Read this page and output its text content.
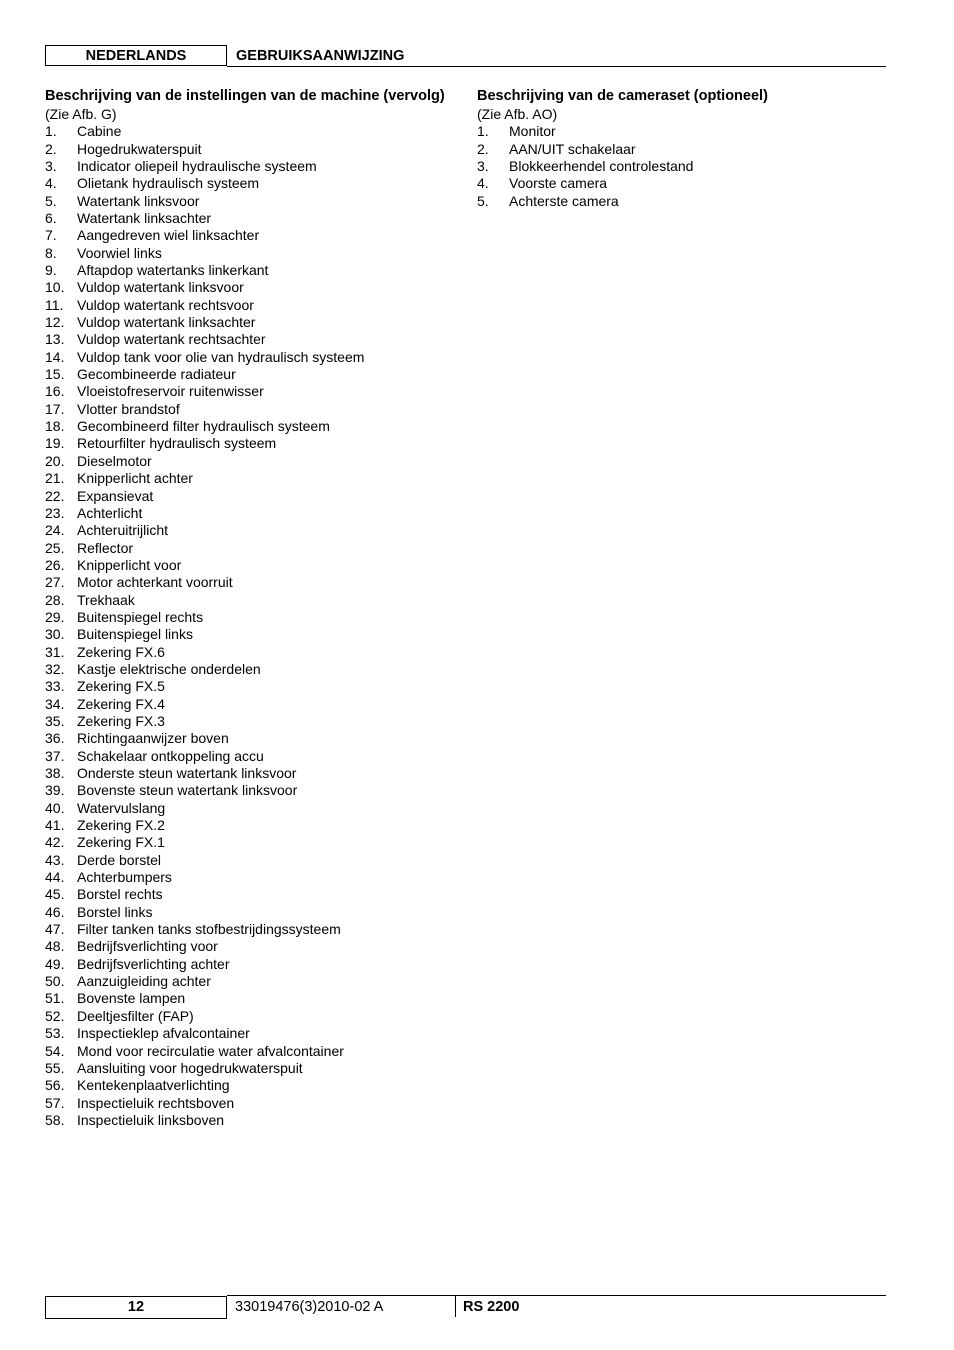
NEDERLANDS	GEBRUIKSAANWIJZING
Beschrijving van de instellingen van de machine (vervolg)
(Zie Afb. G)
1. Cabine
2. Hogedrukwaterspuit
3. Indicator oliepeil hydraulische systeem
4. Olietank hydraulisch systeem
5. Watertank linksvoor
6. Watertank linksachter
7. Aangedreven wiel linksachter
8. Voorwiel links
9. Aftapdop watertanks linkerkant
10. Vuldop watertank linksvoor
11. Vuldop watertank rechtsvoor
12. Vuldop watertank linksachter
13. Vuldop watertank rechtsachter
14. Vuldop tank voor olie van hydraulisch systeem
15. Gecombineerde radiateur
16. Vloeistofreservoir ruitenwisser
17. Vlotter brandstof
18. Gecombineerd filter hydraulisch systeem
19. Retourfilter hydraulisch systeem
20. Dieselmotor
21. Knipperlicht achter
22. Expansievat
23. Achterlicht
24. Achteruitrijlicht
25. Reflector
26. Knipperlicht voor
27. Motor achterkant voorruit
28. Trekhaak
29. Buitenspiegel rechts
30. Buitenspiegel links
31. Zekering FX.6
32. Kastje elektrische onderdelen
33. Zekering FX.5
34. Zekering FX.4
35. Zekering FX.3
36. Richtingaanwijzer boven
37. Schakelaar ontkoppeling accu
38. Onderste steun watertank linksvoor
39. Bovenste steun watertank linksvoor
40. Watervulslang
41. Zekering FX.2
42. Zekering FX.1
43. Derde borstel
44. Achterbumpers
45. Borstel rechts
46. Borstel links
47. Filter tanken tanks stofbestrijdingssysteem
48. Bedrijfsverlichting voor
49. Bedrijfsverlichting achter
50. Aanzuigleiding achter
51. Bovenste lampen
52. Deeltjesfilter (FAP)
53. Inspectieklep afvalcontainer
54. Mond voor recirculatie water afvalcontainer
55. Aansluiting voor hogedrukwaterspuit
56. Kentekenplaatverlichting
57. Inspectieluik rechtsboven
58. Inspectieluik linksboven
Beschrijving van de cameraset (optioneel)
(Zie Afb. AO)
1. Monitor
2. AAN/UIT schakelaar
3. Blokkeerhendel controlestand
4. Voorste camera
5. Achterste camera
12	33019476(3)2010-02 A	RS 2200
